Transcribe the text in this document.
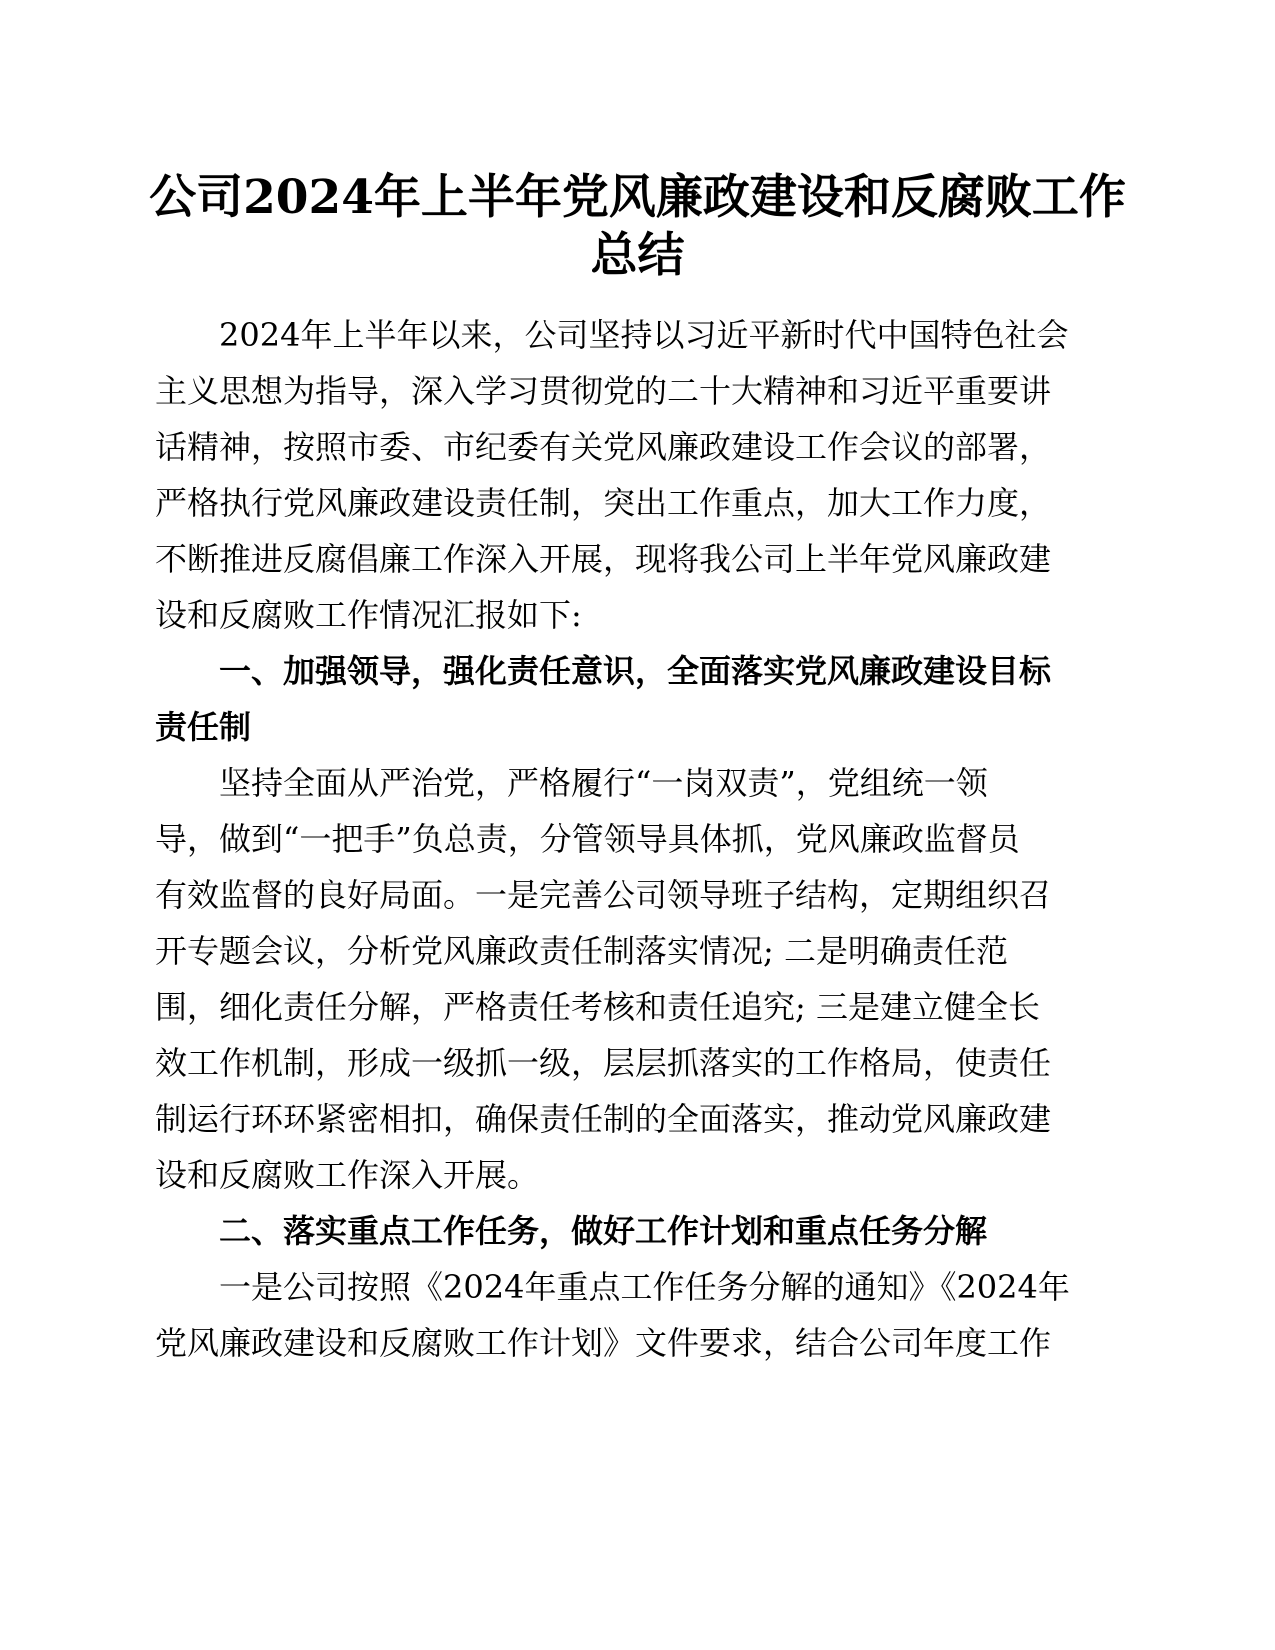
公司2024年上半年党风廉政建设和反腐败工作
总结
2024年上半年以来，公司坚持以习近平新时代中国特色社会
主义思想为指导，深入学习贯彻党的二十大精神和习近平重要讲
话精神，按照市委、市纪委有关党风廉政建设工作会议的部署，
严格执行党风廉政建设责任制，突出工作重点，加大工作力度，
不断推进反腐倡廉工作深入开展，现将我公司上半年党风廉政建
设和反腐败工作情况汇报如下:
一、加强领导，强化责任意识，全面落实党风廉政建设目标
责任制
坚持全面从严治党，严格履行“一岗双责”，党组统一领
导，做到“一把手”负总责，分管领导具体抓，党风廉政监督员
有效监督的良好局面。一是完善公司领导班子结构，定期组织召
开专题会议，分析党风廉政责任制落实情况; 二是明确责任范
围，细化责任分解，严格责任考核和责任追究; 三是建立健全长
效工作机制，形成一级抓一级，层层抓落实的工作格局，使责任
制运行环环紧密相扣，确保责任制的全面落实，推动党风廉政建
设和反腐败工作深入开展。
二、落实重点工作任务，做好工作计划和重点任务分解
一是公司按照《2024年重点工作任务分解的通知》《2024年
党风廉政建设和反腐败工作计划》文件要求，结合公司年度工作
